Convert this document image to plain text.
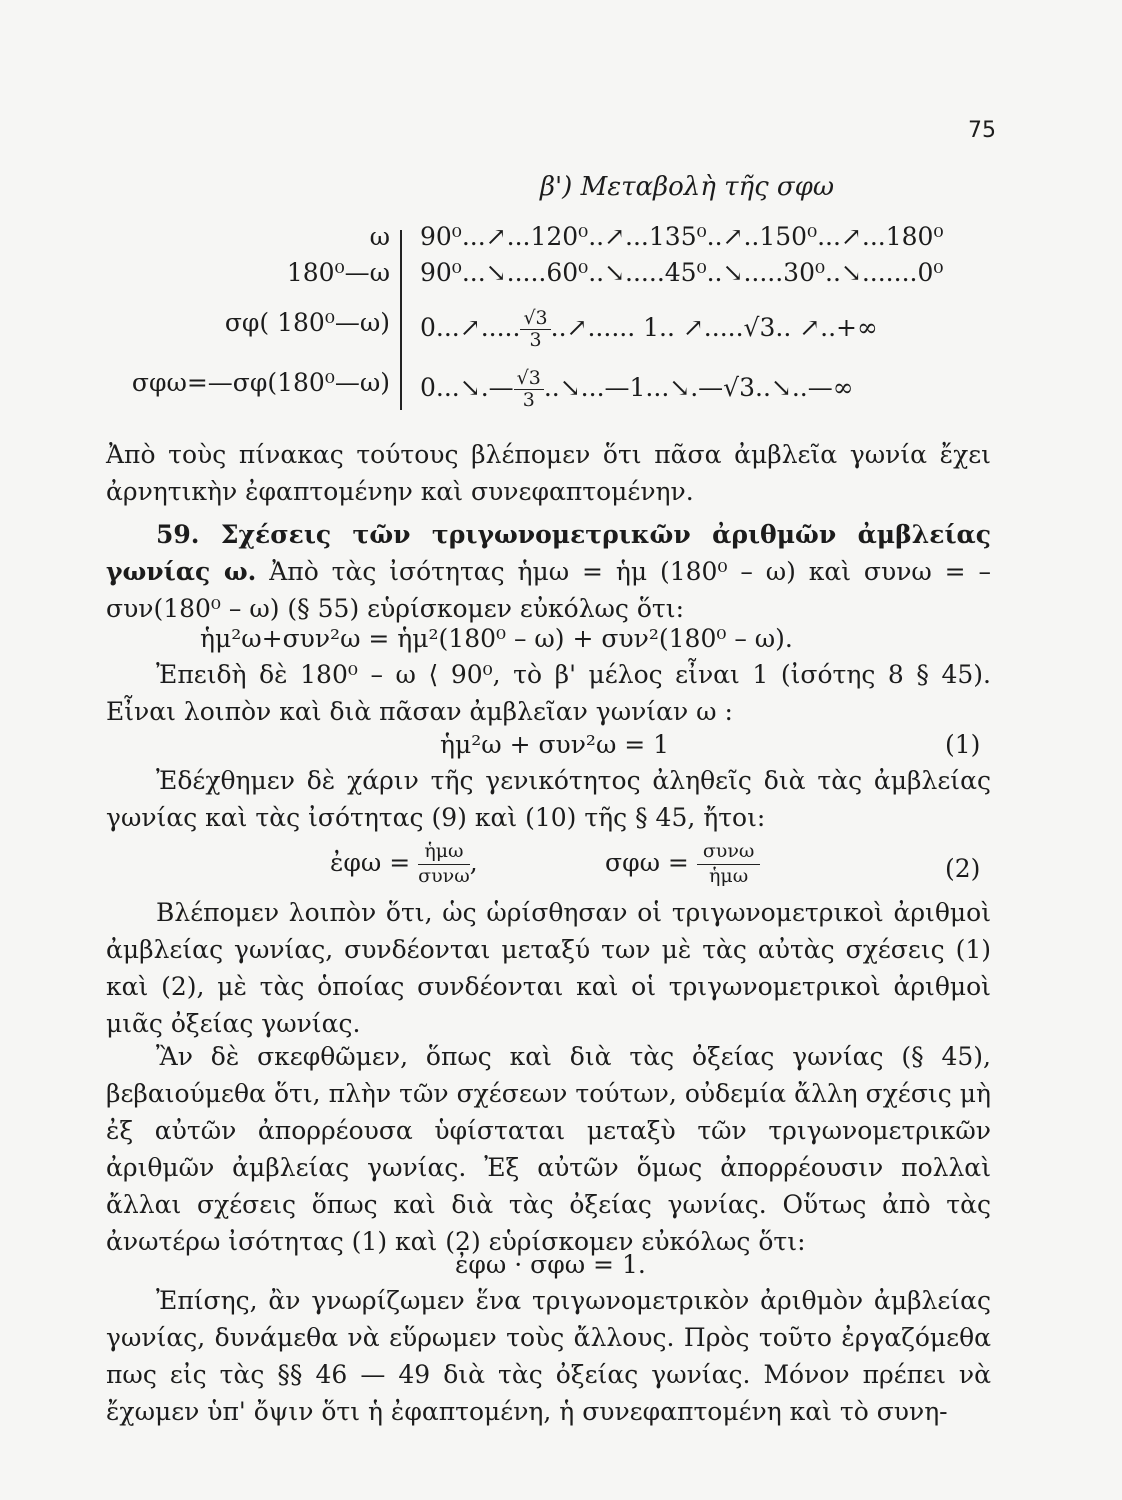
75
β') Μεταβολὴ τῆς σφω
ω 90⁰...↗...120⁰..↗...135⁰..↗..150⁰...↗...180⁰
180⁰—ω 90⁰...↘.....60⁰..↘.....45⁰..↘.....30⁰..↘.......0⁰
σφ( 180⁰—ω) 0...↗..... $\frac{√3}{3}$ ..↗...... 1.. ↗.....√3.. ↗..+∞
σφω=—σφ(180⁰—ω) 0...↘.— $\frac{√3}{3}$ ..↘...—1...↘.—√3..↘..—∞
Ἀπὸ τοὺς πίνακας τούτους βλέπομεν ὅτι πᾶσα ἀμβλεῖα γωνία ἔχει ἀρνητικὴν ἐφαπτομένην καὶ συνεφαπτομένην.
59. Σχέσεις τῶν τριγωνομετρικῶν ἀριθμῶν ἀμβλείας γωνίας ω. Ἀπὸ τὰς ἰσότητας ἡμω = ἡμ (180⁰ – ω) καὶ συνω = – συν(180⁰ – ω) (§ 55) εὑρίσκομεν εὐκόλως ὅτι:
ἡμ²ω+συν²ω = ἡμ²(180⁰ – ω) + συν²(180⁰ – ω).
Ἐπειδὴ δὲ 180⁰ – ω ⟨ 90⁰, τὸ β' μέλος εἶναι 1 (ἰσότης 8 § 45). Εἶναι λοιπὸν καὶ διὰ πᾶσαν ἀμβλεῖαν γωνίαν ω :
ἡμ²ω + συν²ω = 1	(1)
Ἐδέχθημεν δὲ χάριν τῆς γενικότητος ἀληθεῖς διὰ τὰς ἀμβλείας γωνίας καὶ τὰς ἰσότητας (9) καὶ (10) τῆς § 45, ἤτοι:
ἐφω = ἡμω
συνω ,	σφω = συνω
ἡμω	(2)
Βλέπομεν λοιπὸν ὅτι, ὡς ὡρίσθησαν οἱ τριγωνομετρικοὶ ἀριθμοὶ ἀμβλείας γωνίας, συνδέονται μεταξύ των μὲ τὰς αὐτὰς σχέσεις (1) καὶ (2), μὲ τὰς ὁποίας συνδέονται καὶ οἱ τριγωνομετρικοὶ ἀριθμοὶ μιᾶς ὀξείας γωνίας.
Ἂν δὲ σκεφθῶμεν, ὅπως καὶ διὰ τὰς ὀξείας γωνίας (§ 45), βεβαιούμεθα ὅτι, πλὴν τῶν σχέσεων τούτων, οὐδεμία ἄλλη σχέσις μὴ ἐξ αὐτῶν ἀπορρέουσα ὑφίσταται μεταξὺ τῶν τριγωνομετρικῶν ἀριθμῶν ἀμβλείας γωνίας. Ἐξ αὐτῶν ὅμως ἀπορρέουσιν πολλαὶ ἄλλαι σχέσεις ὅπως καὶ διὰ τὰς ὀξείας γωνίας. Οὕτως ἀπὸ τὰς ἀνωτέρω ἰσότητας (1) καὶ (2) εὑρίσκομεν εὐκόλως ὅτι:
ἐφω · σφω = 1.
Ἐπίσης, ἂν γνωρίζωμεν ἕνα τριγωνομετρικὸν ἀριθμὸν ἀμβλείας γωνίας, δυνάμεθα νὰ εὕρωμεν τοὺς ἄλλους. Πρὸς τοῦτο ἐργαζόμεθα πως εἰς τὰς §§ 46 — 49 διὰ τὰς ὀξείας γωνίας. Μόνον πρέπει νὰ ἔχωμεν ὑπ' ὄψιν ὅτι ἡ ἐφαπτομένη, ἡ συνεφαπτομένη καὶ τὸ συνη-
